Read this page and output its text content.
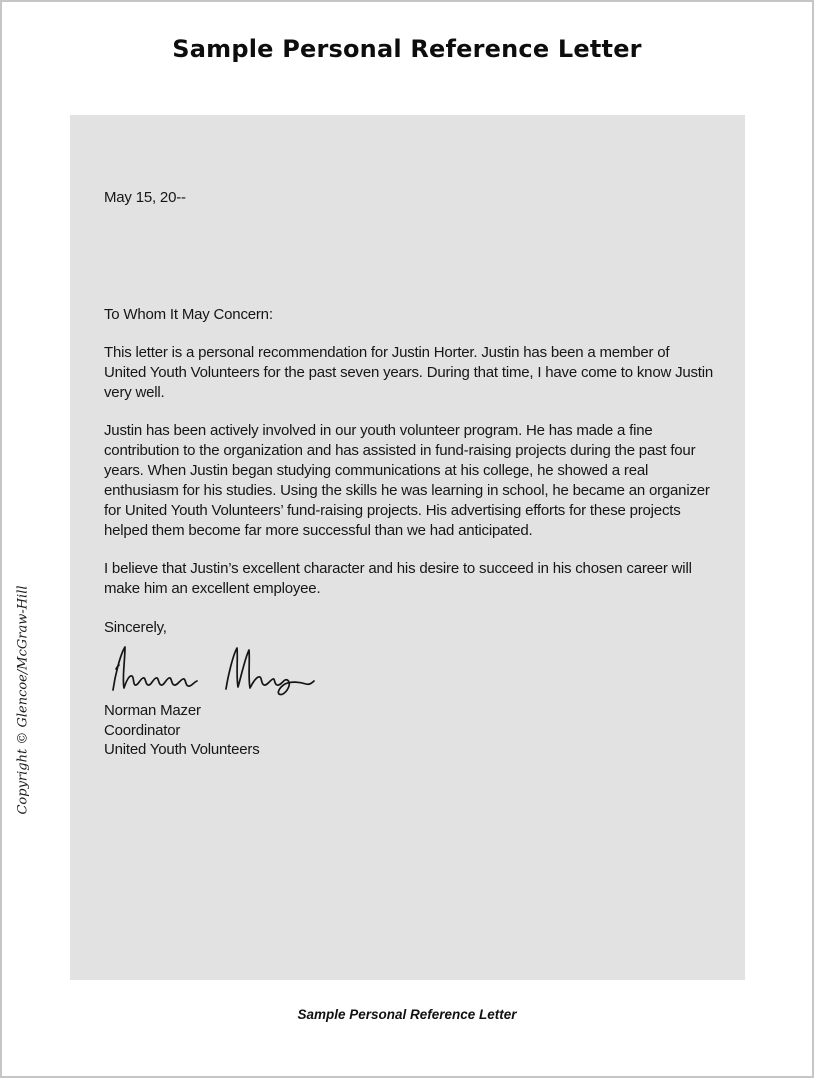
Sample Personal Reference Letter
Copyright © Glencoe/McGraw-Hill

May 15, 20--

To Whom It May Concern:

This letter is a personal recommendation for Justin Horter. Justin has been a member of United Youth Volunteers for the past seven years. During that time, I have come to know Justin very well.

Justin has been actively involved in our youth volunteer program. He has made a fine contribution to the organization and has assisted in fund-raising projects during the past four years. When Justin began studying communications at his college, he showed a real enthusiasm for his studies. Using the skills he was learning in school, he became an organizer for United Youth Volunteers’ fund-raising projects. His advertising efforts for these projects helped them become far more successful than we had anticipated.

I believe that Justin’s excellent character and his desire to succeed in his chosen career will make him an excellent employee.

Sincerely,

Norman Mazer

Coordinator

United Youth Volunteers

Sample Personal Reference Letter
